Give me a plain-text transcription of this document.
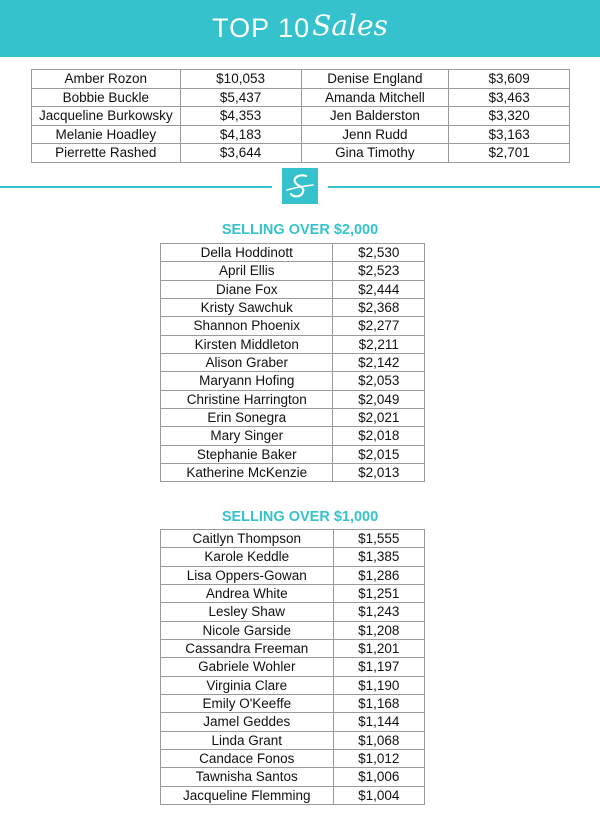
TOP 10 Sales
Amber Rozon	$10,053	Denise England	$3,609
Bobbie Buckle	$5,437	Amanda Mitchell	$3,463
Jacqueline Burkowsky	$4,353	Jen Balderston	$3,320
Melanie Hoadley	$4,183	Jenn Rudd	$3,163
Pierrette Rashed	$3,644	Gina Timothy	$2,701
SELLING OVER $2,000
Della Hoddinott	$2,530
April Ellis	$2,523
Diane Fox	$2,444
Kristy Sawchuk	$2,368
Shannon Phoenix	$2,277
Kirsten Middleton	$2,211
Alison Graber	$2,142
Maryann Hofing	$2,053
Christine Harrington	$2,049
Erin Sonegra	$2,021
Mary Singer	$2,018
Stephanie Baker	$2,015
Katherine McKenzie	$2,013
SELLING OVER $1,000
Caitlyn Thompson	$1,555
Karole Keddle	$1,385
Lisa Oppers-Gowan	$1,286
Andrea White	$1,251
Lesley Shaw	$1,243
Nicole Garside	$1,208
Cassandra Freeman	$1,201
Gabriele Wohler	$1,197
Virginia Clare	$1,190
Emily O'Keeffe	$1,168
Jamel Geddes	$1,144
Linda Grant	$1,068
Candace Fonos	$1,012
Tawnisha Santos	$1,006
Jacqueline Flemming	$1,004
